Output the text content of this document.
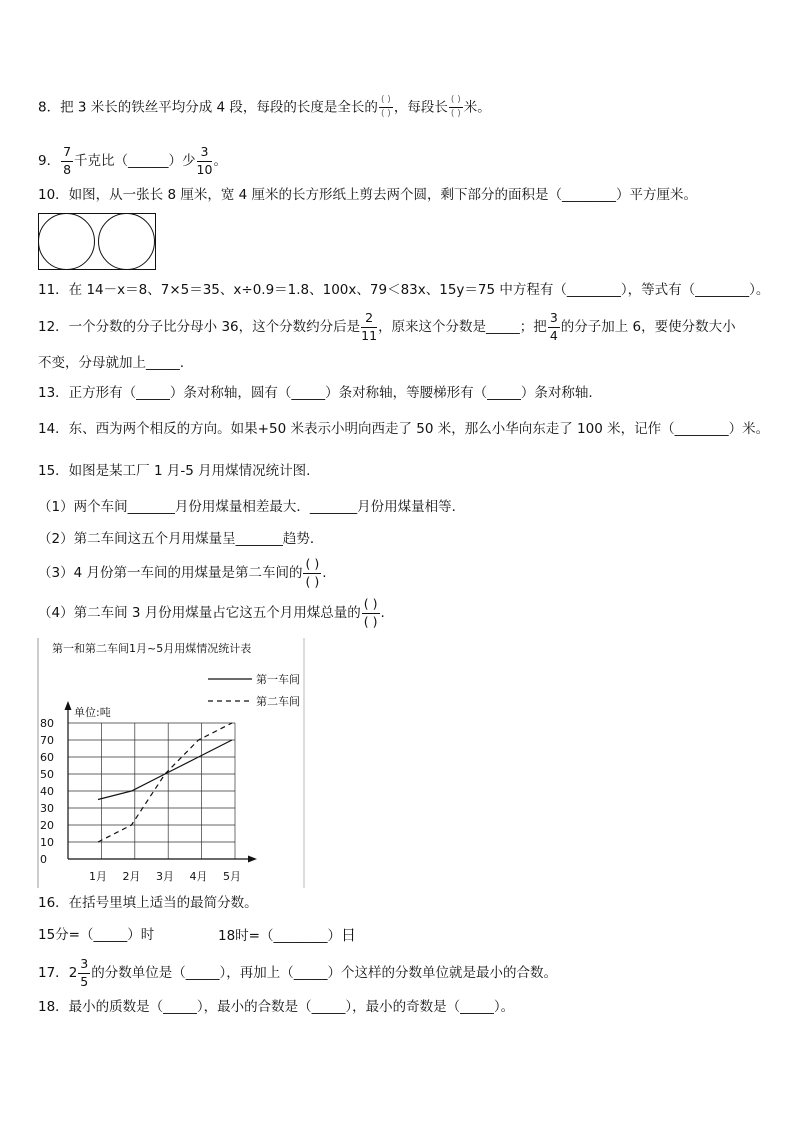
8．把 3 米长的铁丝平均分成 4 段，每段的长度是全长的 $\frac{( )}{( )}$ ，每段长 $\frac{( )}{( )}$ 米。
9． $\frac{7}{8}$ 千克比（______）少 $\frac{3}{10}$ 。
10．如图，从一张长 8 厘米，宽 4 厘米的长方形纸上剪去两个圆，剩下部分的面积是（________）平方厘米。
11．在 14－x＝8、7×5＝35、x÷0.9＝1.8、100x、79＜83x、15y＝75 中方程有（________），等式有（________）。
12．一个分数的分子比分母小 36，这个分数约分后是 $\frac{2}{11}$ ，原来这个分数是_____；把 $\frac{3}{4}$ 的分子加上 6，要使分数大小
不变，分母就加上_____.
13．正方形有（_____）条对称轴，圆有（_____）条对称轴，等腰梯形有（_____）条对称轴.
14．东、西为两个相反的方向。如果+50 米表示小明向西走了 50 米，那么小华向东走了 100 米，记作（________）米。
15．如图是某工厂 1 月-5 月用煤情况统计图.
（1）两个车间_______月份用煤量相差最大．_______月份用煤量相等．
（2）第二车间这五个月用煤量呈_______趋势．
（3）4 月份第一车间的用煤量是第二车间的 $\frac{( )}{( )}$ .
（4）第二车间 3 月份用煤量占它这五个月用煤总量的 $\frac{( )}{( )}$ .
第一和第二车间1月~5月用煤情况统计表
第一车间
第二车间
单位:吨
0
10
20
30
40
50
60
70
80
1月 2月 3月 4月 5月
16．在括号里填上适当的最简分数。
15分=（_____）时	18时=（________）日
17．$2 \frac{3}{5}$ 的分数单位是（_____），再加上（_____）个这样的分数单位就是最小的合数。
18．最小的质数是（_____），最小的合数是（_____），最小的奇数是（_____）。
